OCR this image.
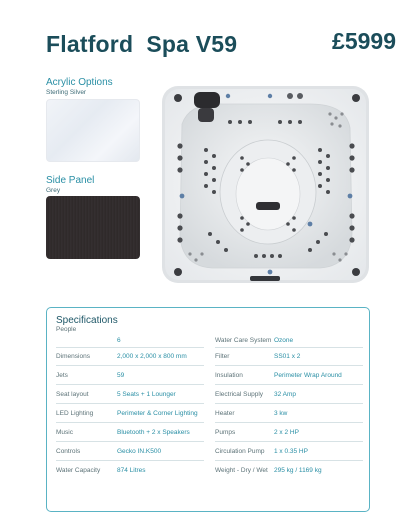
Flatford  Spa V59	£5999
Acrylic Options
Sterling Silver
Side Panel
Grey
Specifications
People
6
Dimensions	2,000 x 2,000 x 800 mm
Jets	59
Seat layout	5 Seats + 1 Lounger
LED Lighting	Perimeter & Corner Lighting
Music	Bluetooth + 2 x Speakers
Controls	Gecko IN.K500
Water Capacity	874 Litres
Water Care System Ozone
Filter	SS01 x 2
Insulation	Perimeter Wrap Around
Electrical Supply 32 Amp
Heater	3 kw
Pumps	2 x 2 HP
Circulation Pump 1 x 0.35 HP
Weight - Dry / Wet 295 kg / 1169 kg
